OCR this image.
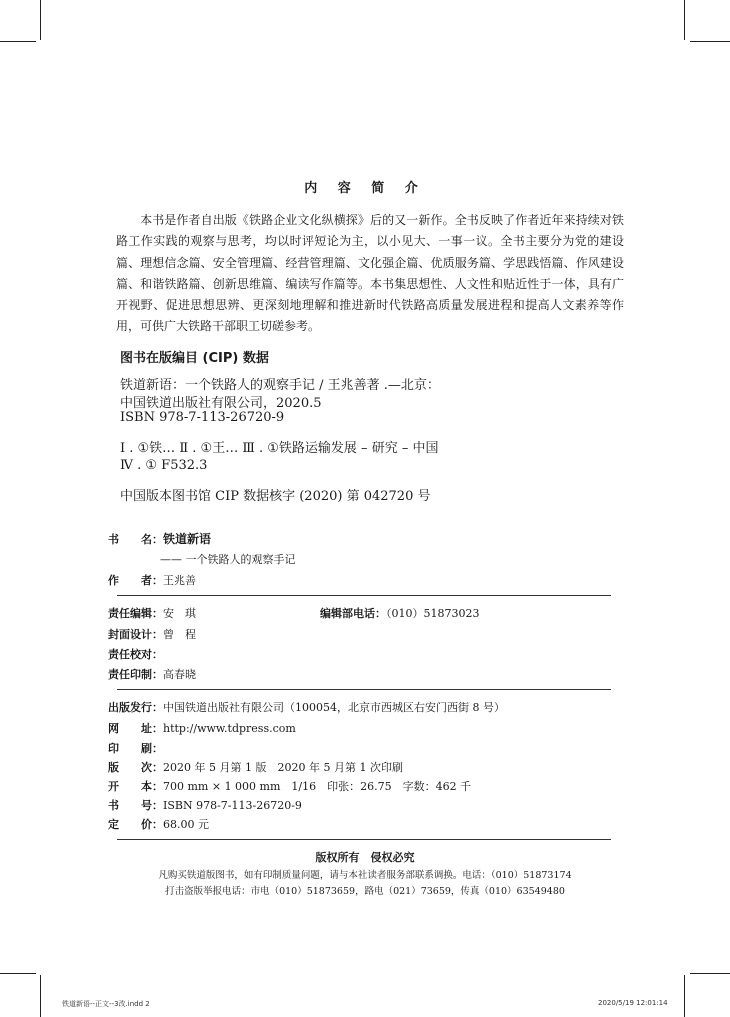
内 容 简 介

本书是作者自出版《铁路企业文化纵横探》后的又一新作。全书反映了作者近年来持续对铁路工作实践的观察与思考，均以时评短论为主，以小见大、一事一议。全书主要分为党的建设篇、理想信念篇、安全管理篇、经营管理篇、文化强企篇、优质服务篇、学思践悟篇、作风建设篇、和谐铁路篇、创新思维篇、编读写作篇等。本书集思想性、人文性和贴近性于一体，具有广开视野、促进思想思辨、更深刻地理解和推进新时代铁路高质量发展进程和提高人文素养等作用，可供广大铁路干部职工切磋参考。

图书在版编目 (CIP) 数据
铁道新语：一个铁路人的观察手记 / 王兆善著 .—北京：
中国铁道出版社有限公司，2020.5
ISBN 978-7-113-26720-9
Ⅰ . ①铁… Ⅱ . ①王… Ⅲ . ①铁路运输发展 – 研究 – 中国
Ⅳ . ① F532.3
中国版本图书馆 CIP 数据核字 (2020) 第 042720 号
书　　名：铁道新语
—— 一个铁路人的观察手记
作　　者：王兆善
责任编辑：安　琪	编辑部电话：（010）51873023
封面设计：曾　程
责任校对：
责任印制：高春晓
出版发行：中国铁道出版社有限公司（100054，北京市西城区右安门西街 8 号）
网　　址：http://www.tdpress.com
印　　刷：
版　　次：2020 年 5 月第 1 版　2020 年 5 月第 1 次印刷
开　　本：700 mm × 1 000 mm　1/16　印张：26.75　字数：462 千
书　　号：ISBN 978-7-113-26720-9
定　　价：68.00 元
版权所有　侵权必究
凡购买铁道版图书，如有印制质量问题，请与本社读者服务部联系调换。电话：（010）51873174
打击盗版举报电话：市电（010）51873659，路电（021）73659，传真（010）63549480
铁道新语--正文--3改.indd 2	2020/5/19 12:01:14
